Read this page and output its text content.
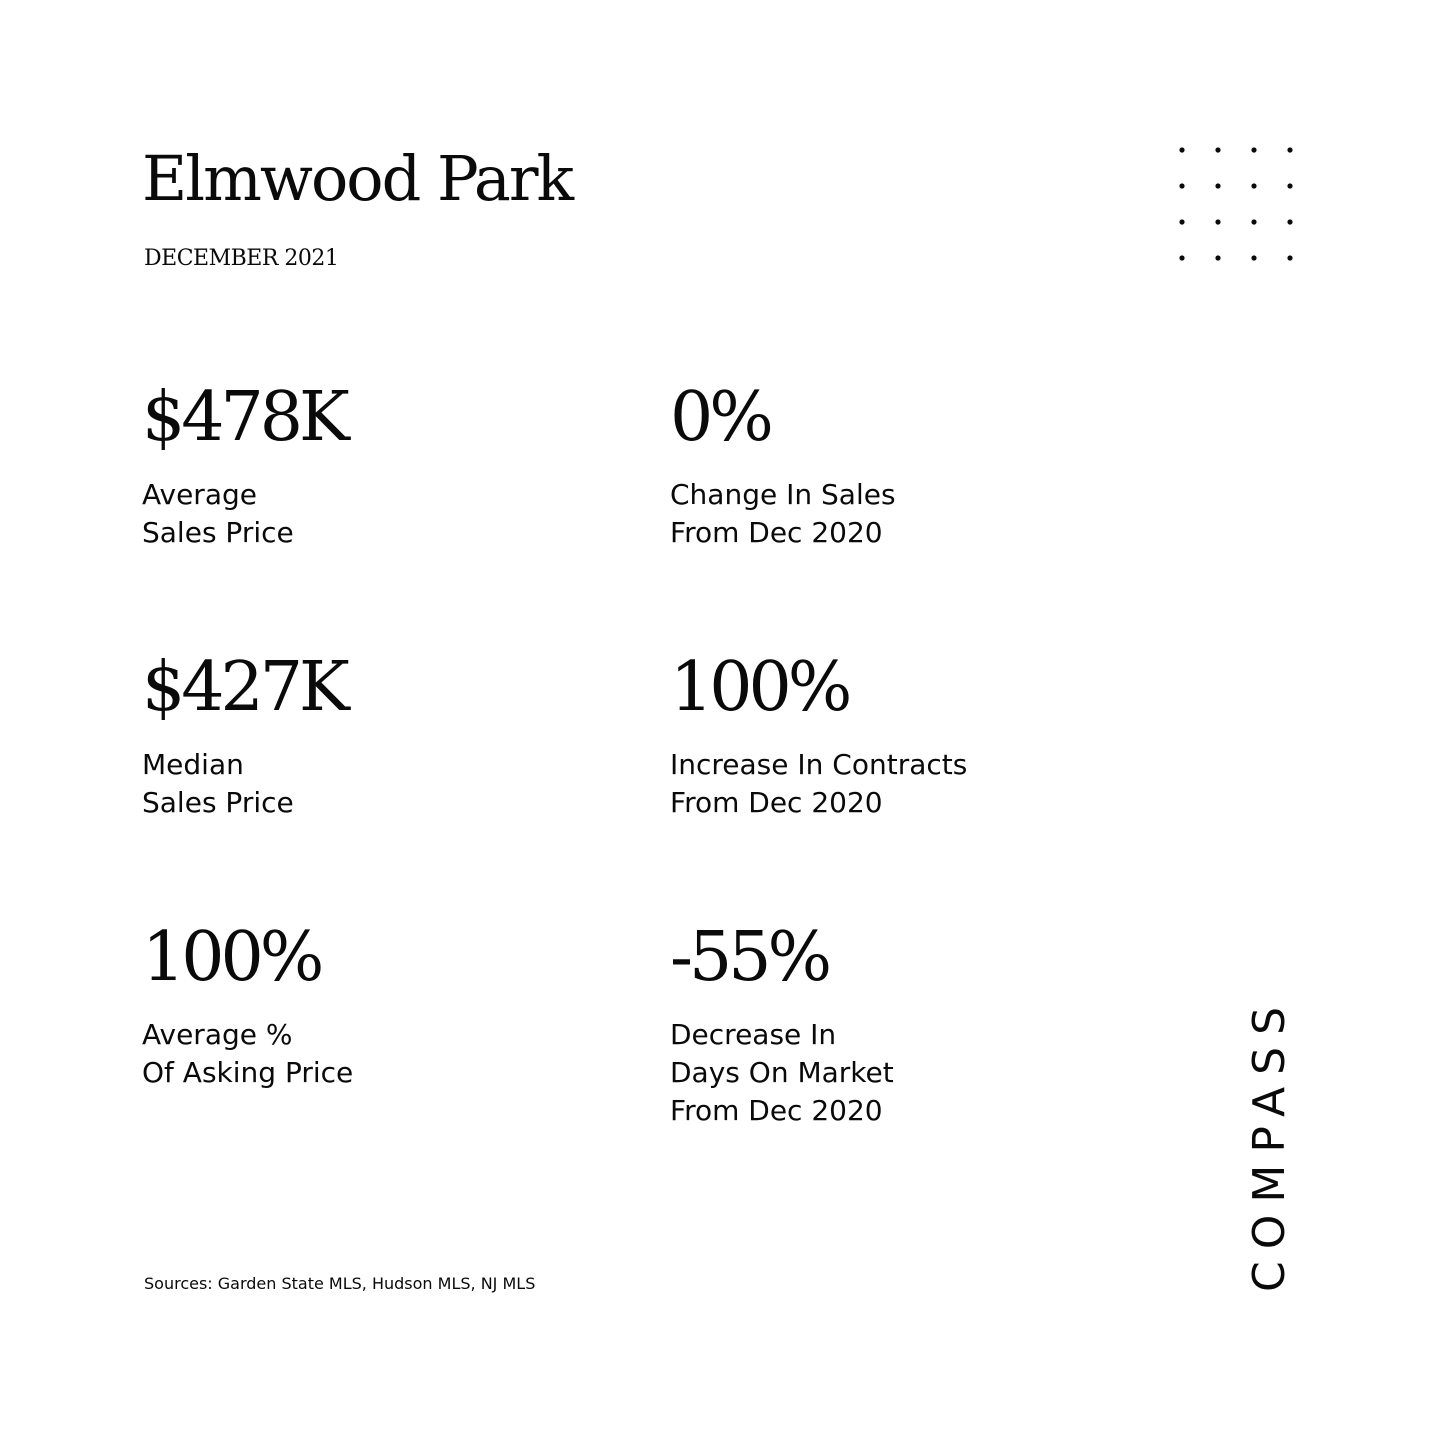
Elmwood Park
DECEMBER 2021
$478K
Average
Sales Price
0%
Change In Sales
From Dec 2020
$427K
Median
Sales Price
100%
Increase In Contracts
From Dec 2020
100%
Average %
Of Asking Price
-55%
Decrease In
Days On Market
From Dec 2020
Sources: Garden State MLS, Hudson MLS, NJ MLS	COMPASS
